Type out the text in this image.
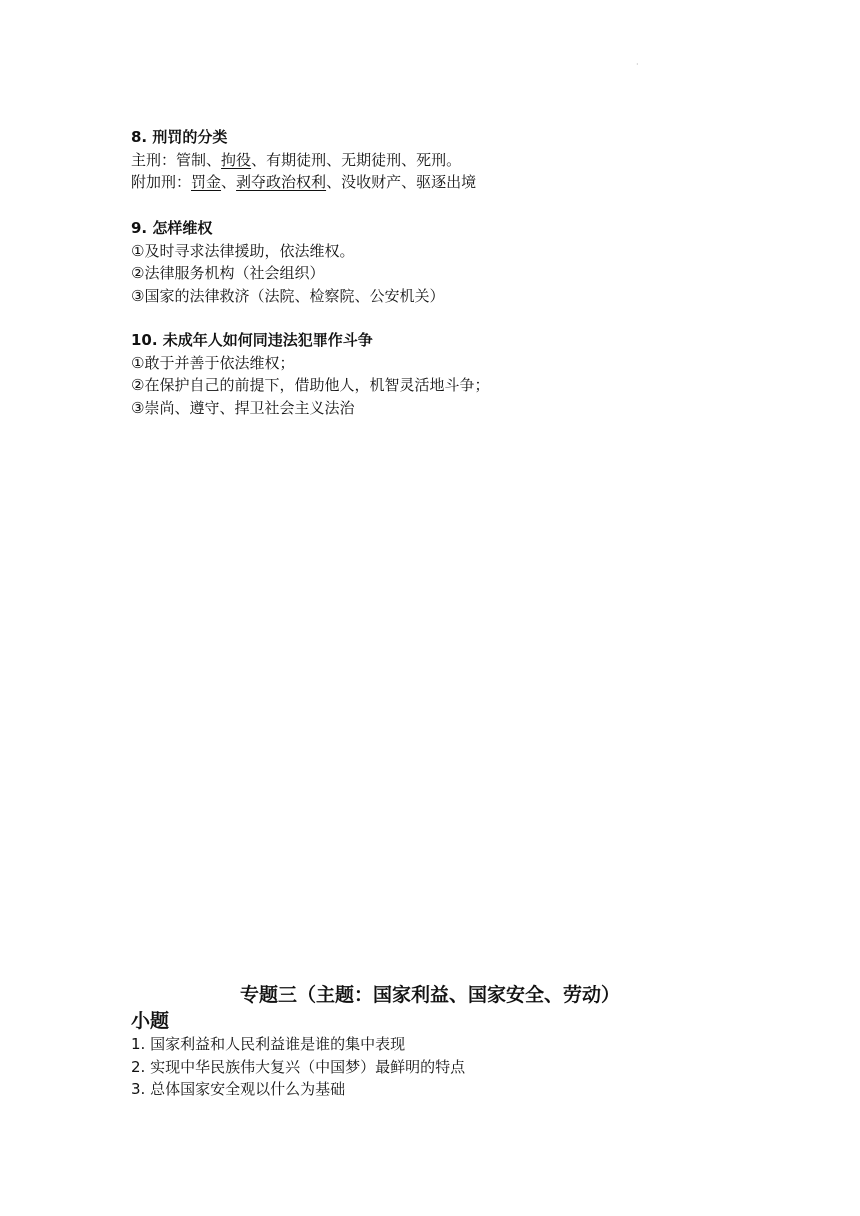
·
8. 刑罚的分类
主刑：管制、拘役、有期徒刑、无期徒刑、死刑。
附加刑：罚金、剥夺政治权利、没收财产、驱逐出境
9. 怎样维权
①及时寻求法律援助，依法维权。
②法律服务机构（社会组织）
③国家的法律救济（法院、检察院、公安机关）
10. 未成年人如何同违法犯罪作斗争
①敢于并善于依法维权；
②在保护自己的前提下，借助他人，机智灵活地斗争；
③崇尚、遵守、捍卫社会主义法治
专题三（主题：国家利益、国家安全、劳动）
小题
1. 国家利益和人民利益谁是谁的集中表现
2. 实现中华民族伟大复兴（中国梦）最鲜明的特点
3. 总体国家安全观以什么为基础
